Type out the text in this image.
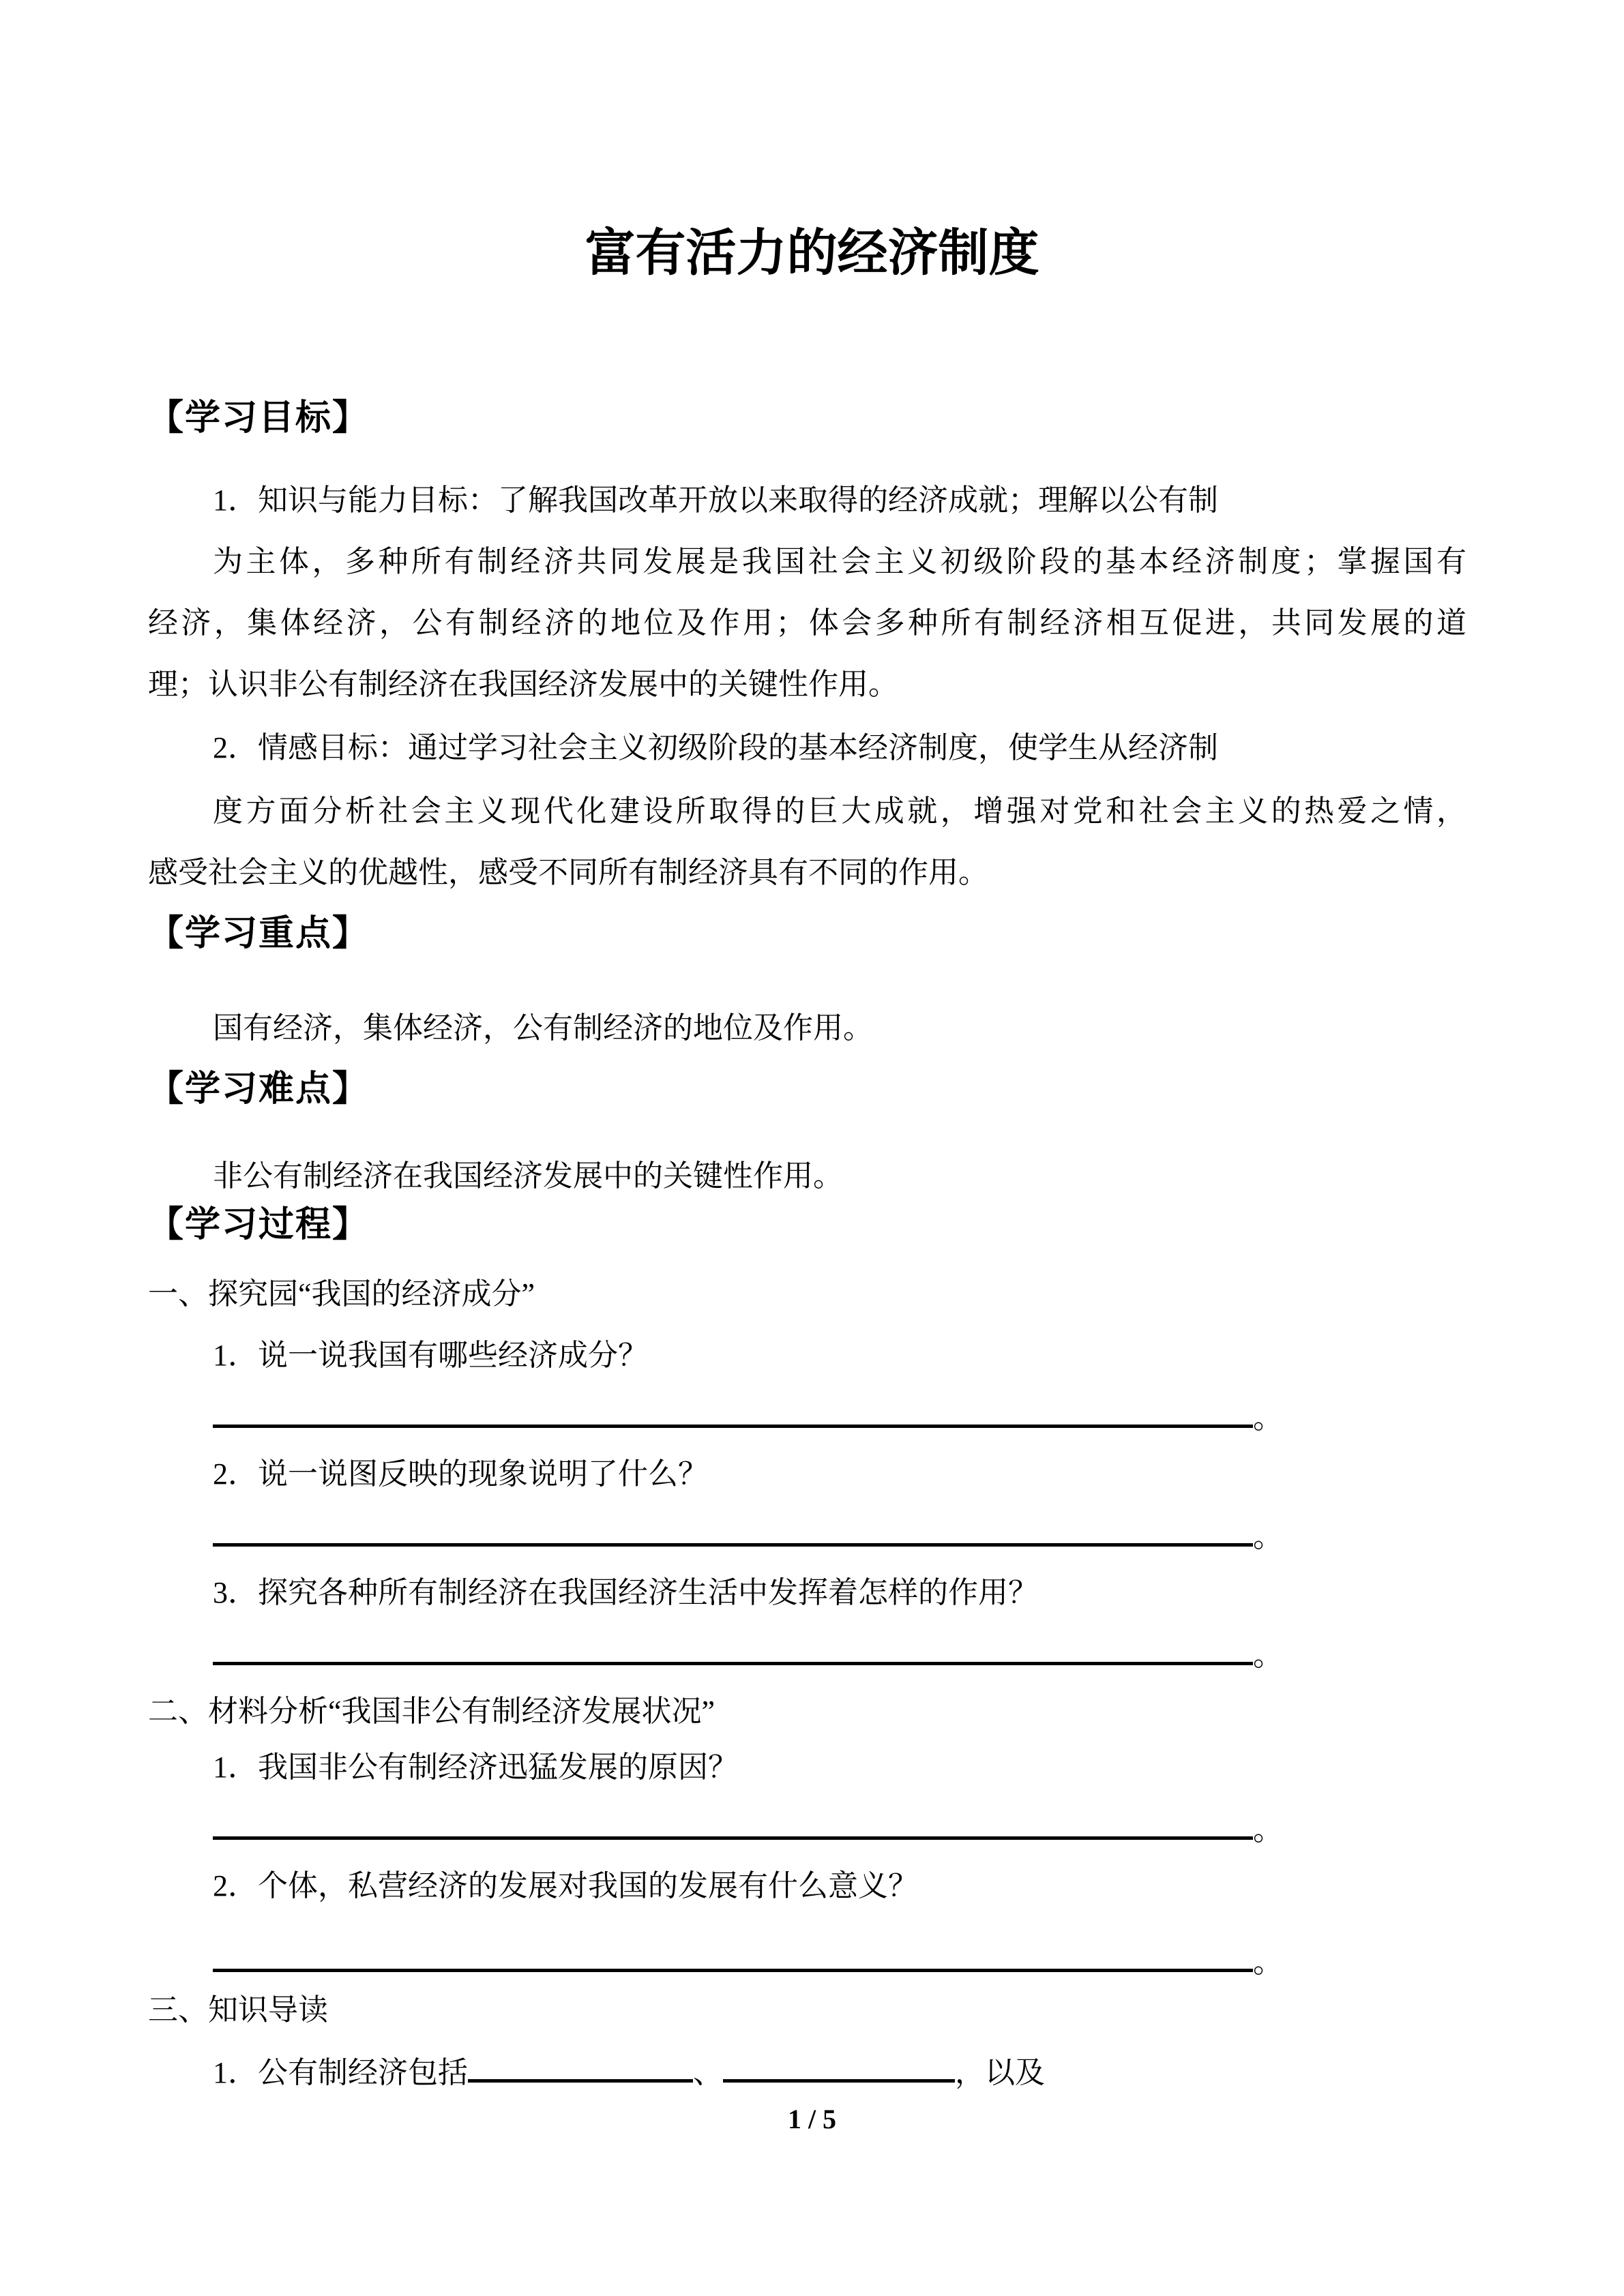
富有活力的经济制度
【学习目标】
1．知识与能力目标：了解我国改革开放以来取得的经济成就；理解以公有制
为主体，多种所有制经济共同发展是我国社会主义初级阶段的基本经济制度；掌握国有
经济，集体经济，公有制经济的地位及作用；体会多种所有制经济相互促进，共同发展的道
理；认识非公有制经济在我国经济发展中的关键性作用。
2．情感目标：通过学习社会主义初级阶段的基本经济制度，使学生从经济制
度方面分析社会主义现代化建设所取得的巨大成就，增强对党和社会主义的热爱之情，
感受社会主义的优越性，感受不同所有制经济具有不同的作用。
【学习重点】
国有经济，集体经济，公有制经济的地位及作用。
【学习难点】
非公有制经济在我国经济发展中的关键性作用。
【学习过程】
一、探究园“我国的经济成分”
1．说一说我国有哪些经济成分？
。
2．说一说图反映的现象说明了什么？
。
3．探究各种所有制经济在我国经济生活中发挥着怎样的作用？
。
二、材料分析“我国非公有制经济发展状况”
1．我国非公有制经济迅猛发展的原因？
。
2．个体，私营经济的发展对我国的发展有什么意义？
。
三、知识导读
1．公有制经济包括	、	，以及
1 / 5
